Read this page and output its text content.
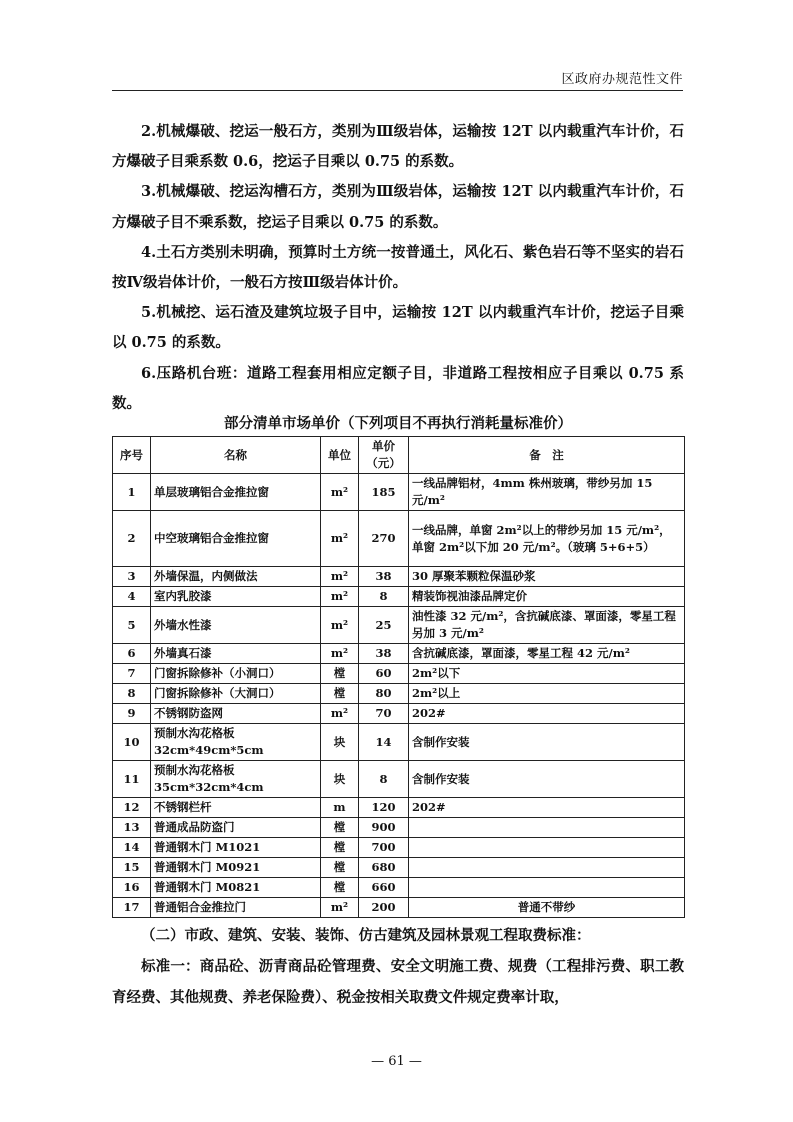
区政府办规范性文件

2.机械爆破、挖运一般石方，类别为Ⅲ级岩体，运输按 12T 以内载重汽车计价，石方爆破子目乘系数 0.6，挖运子目乘以 0.75 的系数。

3.机械爆破、挖运沟槽石方，类别为Ⅲ级岩体，运输按 12T 以内载重汽车计价，石方爆破子目不乘系数，挖运子目乘以 0.75 的系数。

4.土石方类别未明确，预算时土方统一按普通土，风化石、紫色岩石等不坚实的岩石按Ⅳ级岩体计价，一般石方按Ⅲ级岩体计价。

5.机械挖、运石渣及建筑垃圾子目中，运输按 12T 以内载重汽车计价，挖运子目乘以 0.75 的系数。

6.压路机台班：道路工程套用相应定额子目，非道路工程按相应子目乘以 0.75 系数。

部分清单市场单价（下列项目不再执行消耗量标准价）
序号	名称	单位	单价（元）	备　注
1	单层玻璃铝合金推拉窗	m²	185	一线品牌铝材，4mm 株州玻璃，带纱另加 15 元/m²
2	中空玻璃铝合金推拉窗	m²	270	一线品牌，单窗 2m²以上的带纱另加 15 元/m²，单窗 2m²以下加 20 元/m²。（玻璃 5+6+5）
3	外墙保温，内侧做法	m²	38	30 厚聚苯颗粒保温砂浆
4	室内乳胶漆	m²	8	精装饰视油漆品牌定价
5	外墙水性漆	m²	25	油性漆 32 元/m²，含抗碱底漆、罩面漆，零星工程另加 3 元/m²
6	外墙真石漆	m²	38	含抗碱底漆，罩面漆，零星工程 42 元/m²
7	门窗拆除修补（小洞口）	樘	60	2m²以下
8	门窗拆除修补（大洞口）	樘	80	2m²以上
9	不锈钢防盗网	m²	70	202#
10	预制水沟花格板 32cm*49cm*5cm	块	14	含制作安装
11	预制水沟花格板 35cm*32cm*4cm	块	8	含制作安装
12	不锈钢栏杆	m	120	202#
13	普通成品防盗门	樘	900	
14	普通钢木门 M1021	樘	700	
15	普通钢木门 M0921	樘	680	
16	普通钢木门 M0821	樘	660	
17	普通铝合金推拉门	m²	200	普通不带纱

（二）市政、建筑、安装、装饰、仿古建筑及园林景观工程取费标准：

标准一：商品砼、沥青商品砼管理费、安全文明施工费、规费（工程排污费、职工教育经费、其他规费、养老保险费）、税金按相关取费文件规定费率计取，

— 61 —
